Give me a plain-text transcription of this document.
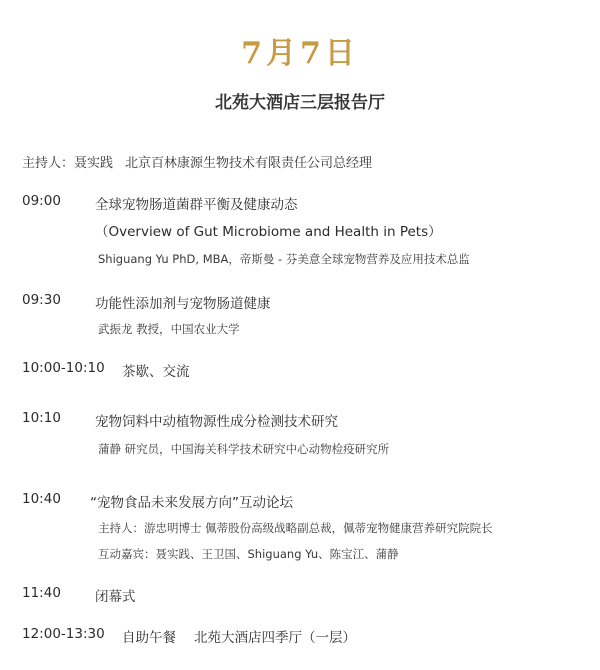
7月7日
北苑大酒店三层报告厅
主持人：聂实践 北京百林康源生物技术有限责任公司总经理
09:00	全球宠物肠道菌群平衡及健康动态
（Overview of Gut Microbiome and Health in Pets）
Shiguang Yu PhD, MBA，帝斯曼 - 芬美意全球宠物营养及应用技术总监
09:30	功能性添加剂与宠物肠道健康
武振龙 教授，中国农业大学
10:00-10:10 茶歇、交流
10:10	宠物饲料中动植物源性成分检测技术研究
蒲静 研究员，中国海关科学技术研究中心动物检疫研究所
10:40 “宠物食品未来发展方向”互动论坛
主持人：游忠明博士 佩蒂股份高级战略副总裁，佩蒂宠物健康营养研究院院长
互动嘉宾：聂实践、王卫国、Shiguang Yu、陈宝江、蒲静
11:40	闭幕式
12:00-13:30 自助午餐 北苑大酒店四季厅（一层）
